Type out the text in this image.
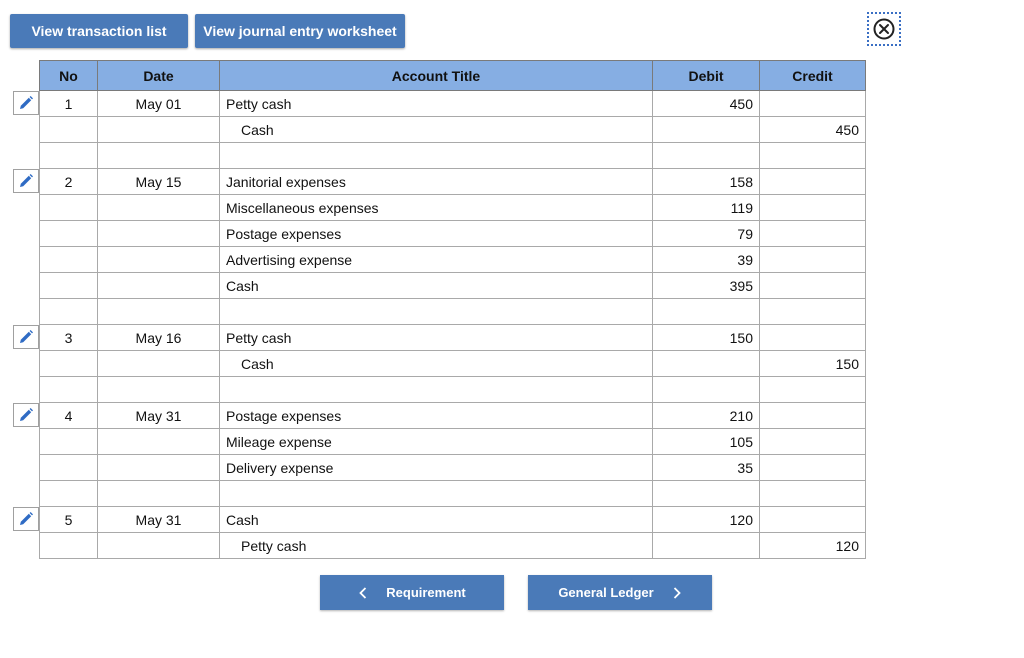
View transaction list	View journal entry worksheet
No	Date	Account Title	Debit	Credit
1	May 01	Petty cash	450	
		Cash		450

2	May 15	Janitorial expenses	158	
		Miscellaneous expenses	119	
		Postage expenses	79	
		Advertising expense	39	
		Cash	395	

3	May 16	Petty cash	150	
		Cash		150

4	May 31	Postage expenses	210	
		Mileage expense	105	
		Delivery expense	35	

5	May 31	Cash	120	
		Petty cash		120
Requirement	General Ledger
